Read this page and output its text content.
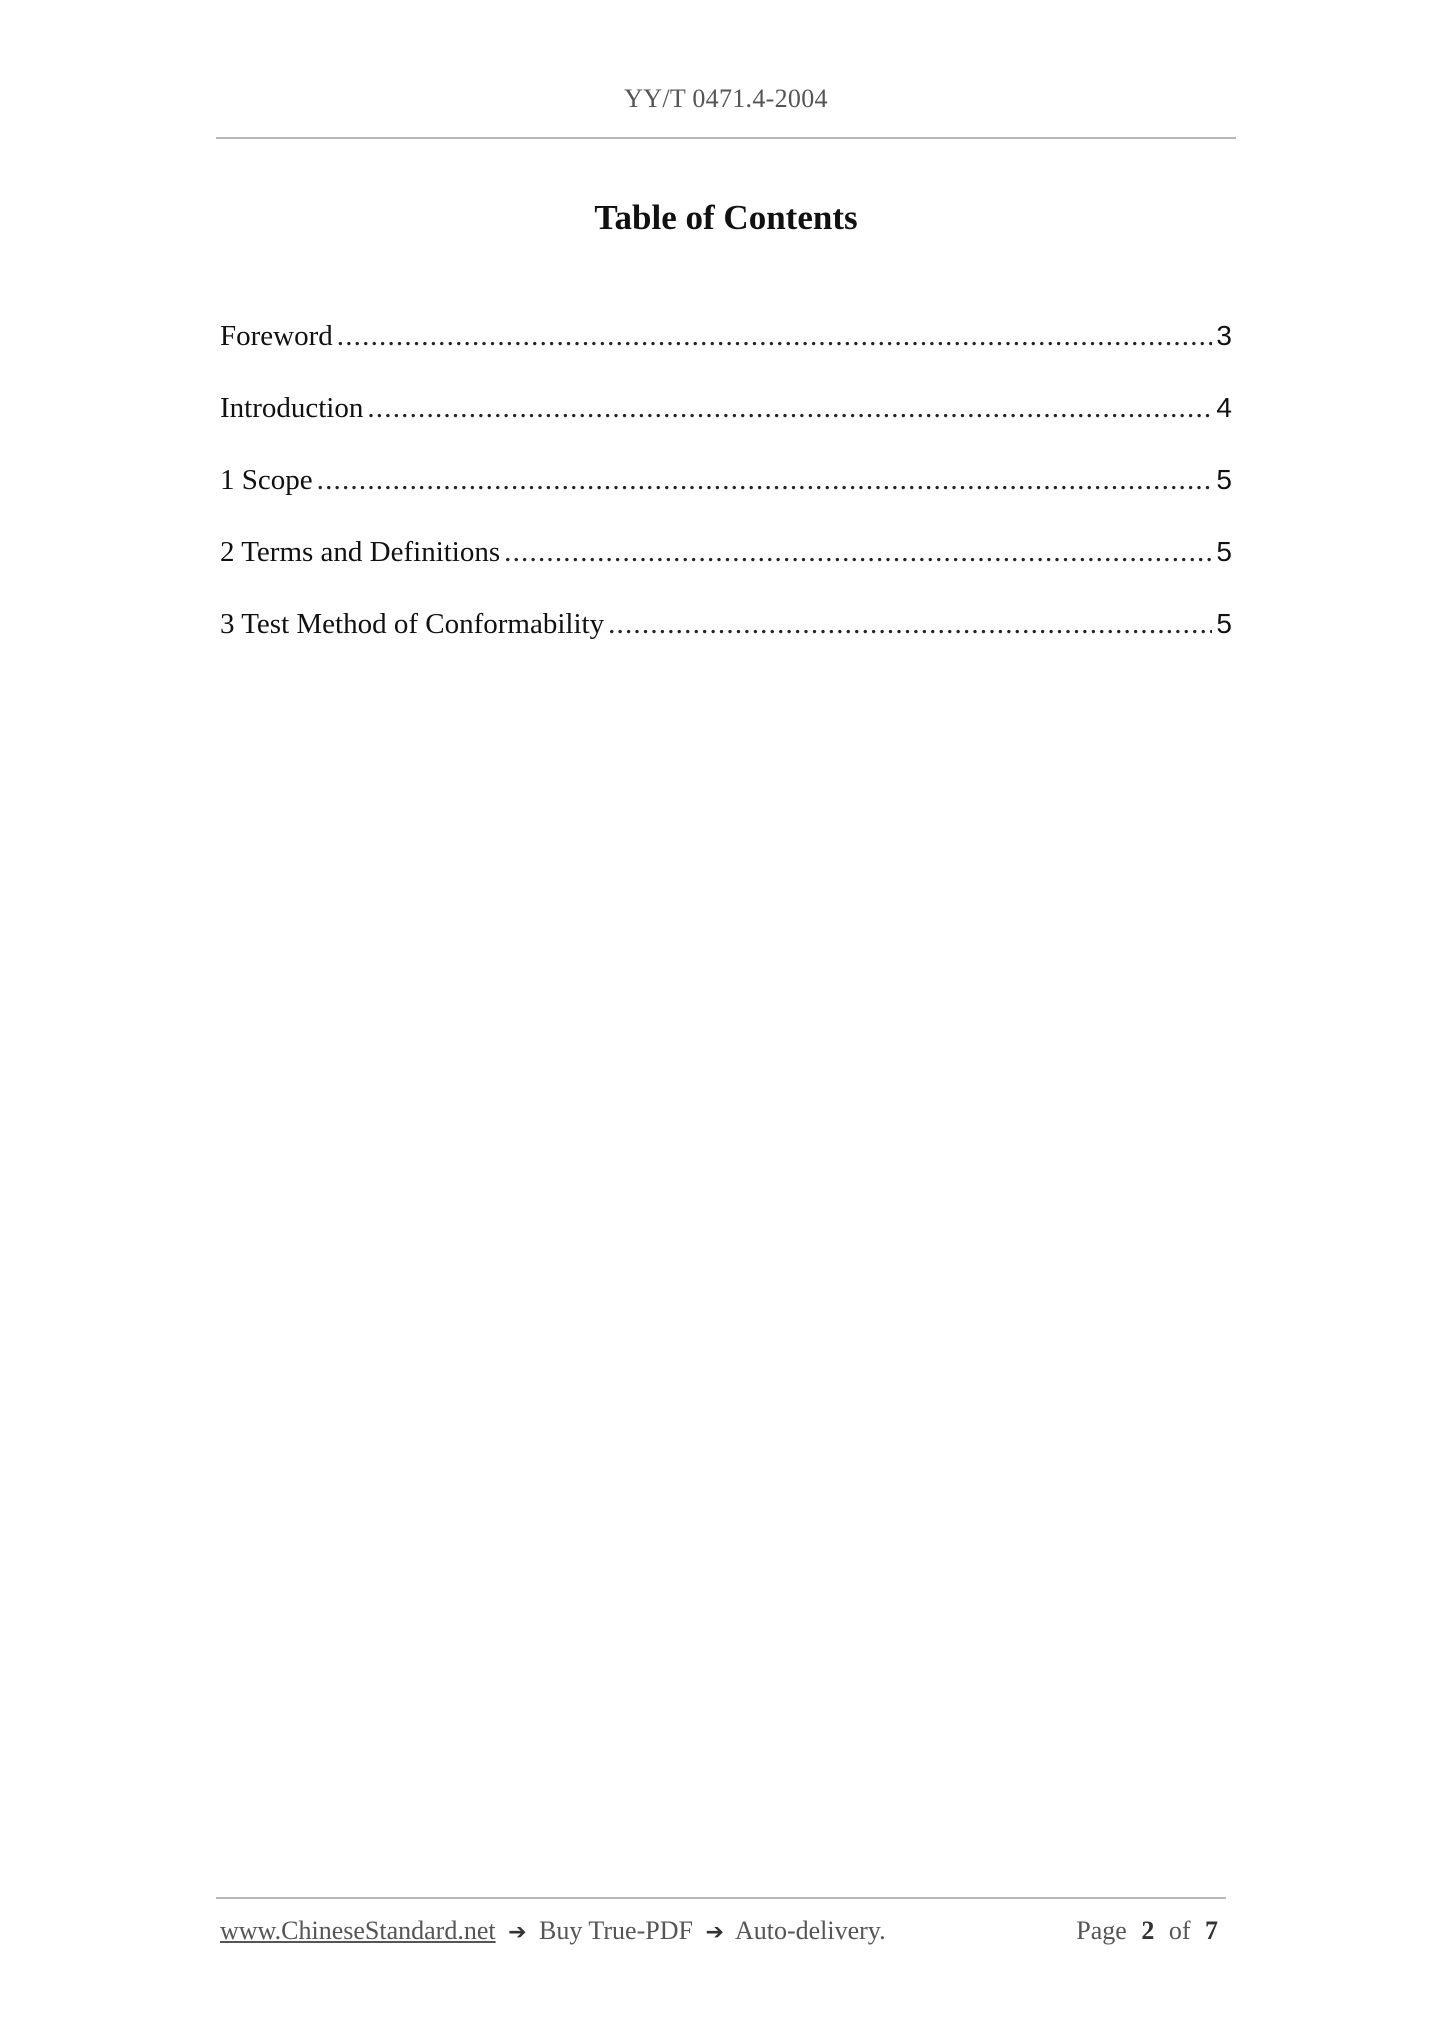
YY/T 0471.4-2004
Table of Contents
Foreword .....	3
Introduction .....	4
1 Scope .....	5
2 Terms and Definitions .....	5
3 Test Method of Conformability .....	5
www.ChineseStandard.net ➔ Buy True-PDF ➔ Auto-delivery.	Page 2 of 7
